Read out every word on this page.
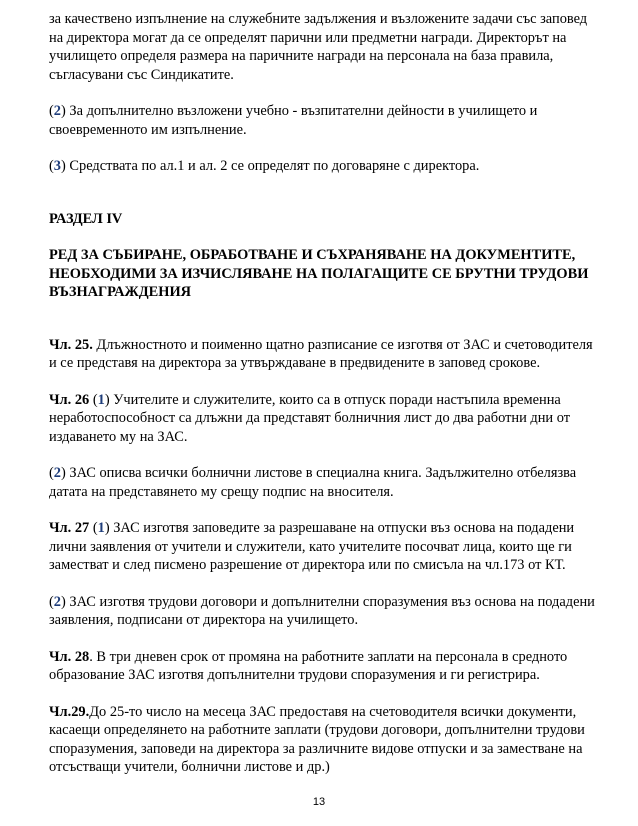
за качествено изпълнение на служебните задължения и възложените задачи със заповед на директора могат да се определят парични или предметни награди. Директорът на училището определя размера на паричните награди на персонала на база правила, съгласувани със Синдикатите.

(2) За допълнително възложени учебно - възпитателни дейности в училището и своевременното им изпълнение.

(3) Средствата по ал.1 и ал. 2 се определят по договаряне с директора.

РАЗДЕЛ IV

РЕД ЗА СЪБИРАНЕ, ОБРАБОТВАНЕ И СЪХРАНЯВАНЕ НА ДОКУМЕНТИТЕ, НЕОБХОДИМИ ЗА ИЗЧИСЛЯВАНЕ НА ПОЛАГАЩИТЕ СЕ БРУТНИ ТРУДОВИ ВЪЗНАГРАЖДЕНИЯ

Чл. 25. Длъжностното и поименно щатно разписание се изготвя от ЗАС и счетоводителя и се представя на директора за утвърждаване в предвидените в заповед срокове.

Чл. 26 (1) Учителите и служителите, които са в отпуск поради настъпила временна неработоспособност са длъжни да представят болничния лист до два работни дни от издаването му на ЗАС.

(2) ЗАС описва всички болнични листове в специална книга. Задължително отбелязва датата на представянето му срещу подпис на вносителя.

Чл. 27 (1) ЗАС изготвя заповедите за разрешаване на отпуски въз основа на подадени лични заявления от учители и служители, като учителите посочват лица, които ще ги заместват и след писмено разрешение от директора или по смисъла на чл.173 от КТ.

(2) ЗАС изготвя трудови договори и допълнителни споразумения въз основа на подадени заявления, подписани от директора на училището.

Чл. 28. В три дневен срок от промяна на работните заплати на персонала в средното образование ЗАС изготвя допълнителни трудови споразумения и ги регистрира.

Чл.29.До 25-то число на месеца ЗАС предоставя на счетоводителя всички документи, касаещи определянето на работните заплати (трудови договори, допълнителни трудови споразумения, заповеди на директора за различните видове отпуски и за заместване на отсъстващи учители, болнични листове и др.)

13
